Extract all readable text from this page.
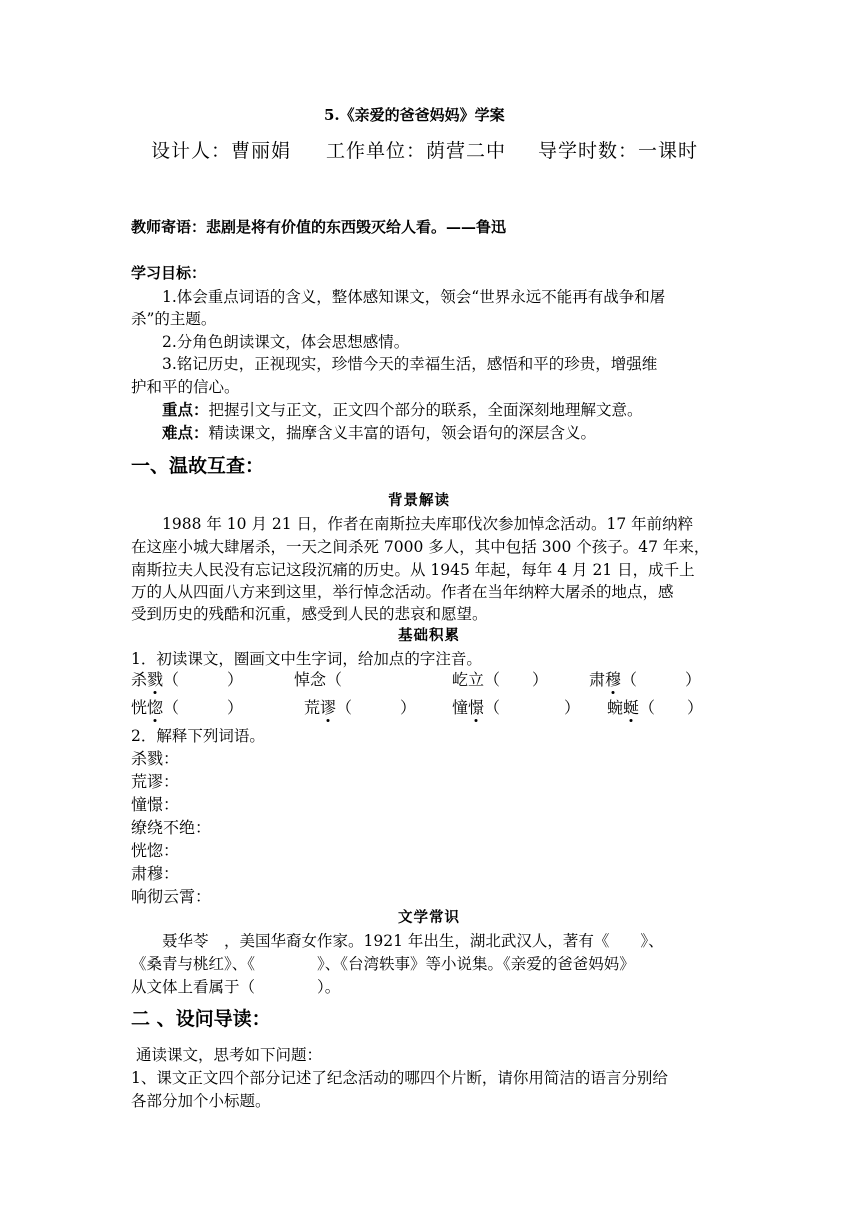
5.《亲爱的爸爸妈妈》学案
设计人：曹丽娟 工作单位：荫营二中 导学时数：一课时
教师寄语：悲剧是将有价值的东西毁灭给人看。——鲁迅
学习目标：
1.体会重点词语的含义，整体感知课文，领会“世界永远不能再有战争和屠
杀”的主题。
2.分角色朗读课文，体会思想感情。
3.铭记历史，正视现实，珍惜今天的幸福生活，感悟和平的珍贵，增强维
护和平的信心。
重点：把握引文与正文，正文四个部分的联系，全面深刻地理解文意。
难点：精读课文，揣摩含义丰富的语句，领会语句的深层含义。
一、温故互查：
背景解读
1988 年 10 月 21 日，作者在南斯拉夫库耶伐次参加悼念活动。17 年前纳粹
在这座小城大肆屠杀，一天之间杀死 7000 多人，其中包括 300 个孩子。47 年来，
南斯拉夫人民没有忘记这段沉痛的历史。从 1945 年起，每年 4 月 21 日，成千上
万的人从四面八方来到这里，举行悼念活动。作者在当年纳粹大屠杀的地点，感
受到历史的残酷和沉重，感受到人民的悲哀和愿望。
基础积累
1．初读课文，圈画文中生字词，给加点的字注音。
杀戮（　　　）	悼念（	屹立（　　）	肃穆（　　　）
恍惚（　　　）	荒谬（　　　） 憧憬（　　　　） 蜿蜒（　　）
2．解释下列词语。
杀戮：
荒谬：
憧憬：
缭绕不绝：
恍惚：
肃穆：
响彻云霄：
文学常识
聂华苓　，美国华裔女作家。1921 年出生，湖北武汉人，著有《　　》、
《桑青与桃红》、《　　　　》、《台湾轶事》等小说集。《亲爱的爸爸妈妈》
从文体上看属于（　　　　）。
二 、设问导读：
通读课文，思考如下问题：
1、课文正文四个部分记述了纪念活动的哪四个片断，请你用简洁的语言分别给
各部分加个小标题。
